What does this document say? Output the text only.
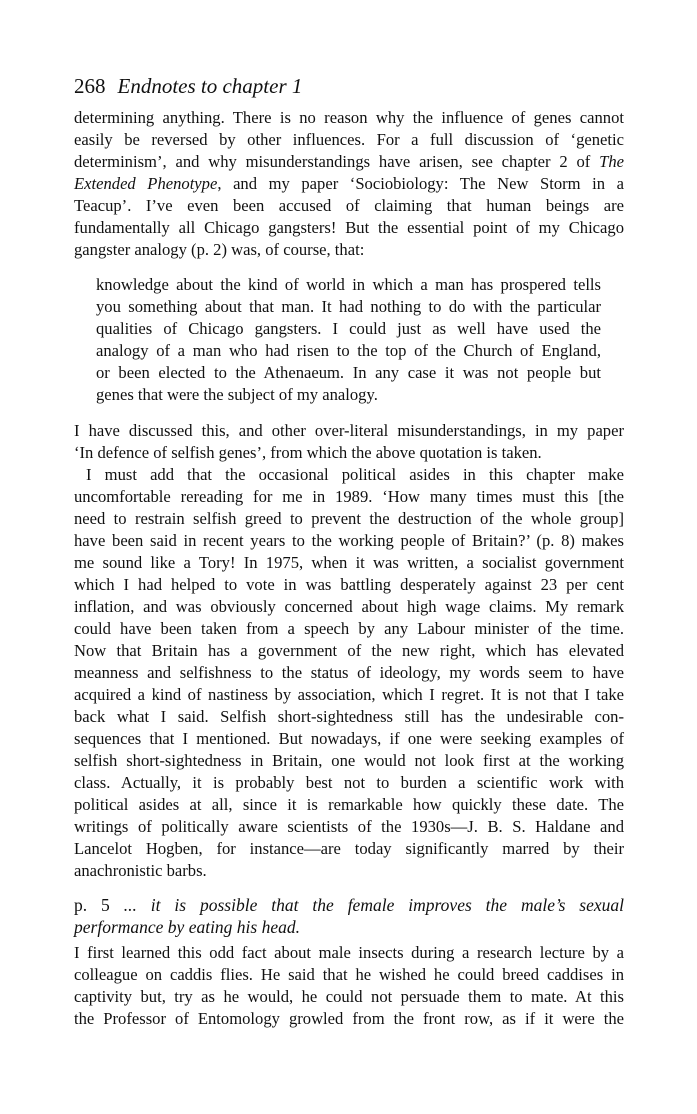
268 Endnotes to chapter 1
determining anything. There is no reason why the influence of genes cannot
easily be reversed by other influences. For a full discussion of ‘genetic
determinism’, and why misunderstandings have arisen, see chapter 2 of The
Extended Phenotype, and my paper ‘Sociobiology: The New Storm in a
Teacup’. I’ve even been accused of claiming that human beings are
fundamentally all Chicago gangsters! But the essential point of my Chicago
gangster analogy (p. 2) was, of course, that:
knowledge about the kind of world in which a man has prospered tells
you something about that man. It had nothing to do with the particular
qualities of Chicago gangsters. I could just as well have used the
analogy of a man who had risen to the top of the Church of England,
or been elected to the Athenaeum. In any case it was not people but
genes that were the subject of my analogy.
I have discussed this, and other over-literal misunderstandings, in my paper
‘In defence of selfish genes’, from which the above quotation is taken.
I must add that the occasional political asides in this chapter make
uncomfortable rereading for me in 1989. ‘How many times must this [the
need to restrain selfish greed to prevent the destruction of the whole group]
have been said in recent years to the working people of Britain?’ (p. 8) makes
me sound like a Tory! In 1975, when it was written, a socialist government
which I had helped to vote in was battling desperately against 23 per cent
inflation, and was obviously concerned about high wage claims. My remark
could have been taken from a speech by any Labour minister of the time.
Now that Britain has a government of the new right, which has elevated
meanness and selfishness to the status of ideology, my words seem to have
acquired a kind of nastiness by association, which I regret. It is not that I take
back what I said. Selfish short-sightedness still has the undesirable con-
sequences that I mentioned. But nowadays, if one were seeking examples of
selfish short-sightedness in Britain, one would not look first at the working
class. Actually, it is probably best not to burden a scientific work with
political asides at all, since it is remarkable how quickly these date. The
writings of politically aware scientists of the 1930s—J. B. S. Haldane and
Lancelot Hogben, for instance—are today significantly marred by their
anachronistic barbs.
p. 5 ... it is possible that the female improves the male’s sexual
performance by eating his head.
I first learned this odd fact about male insects during a research lecture by a
colleague on caddis flies. He said that he wished he could breed caddises in
captivity but, try as he would, he could not persuade them to mate. At this
the Professor of Entomology growled from the front row, as if it were the
